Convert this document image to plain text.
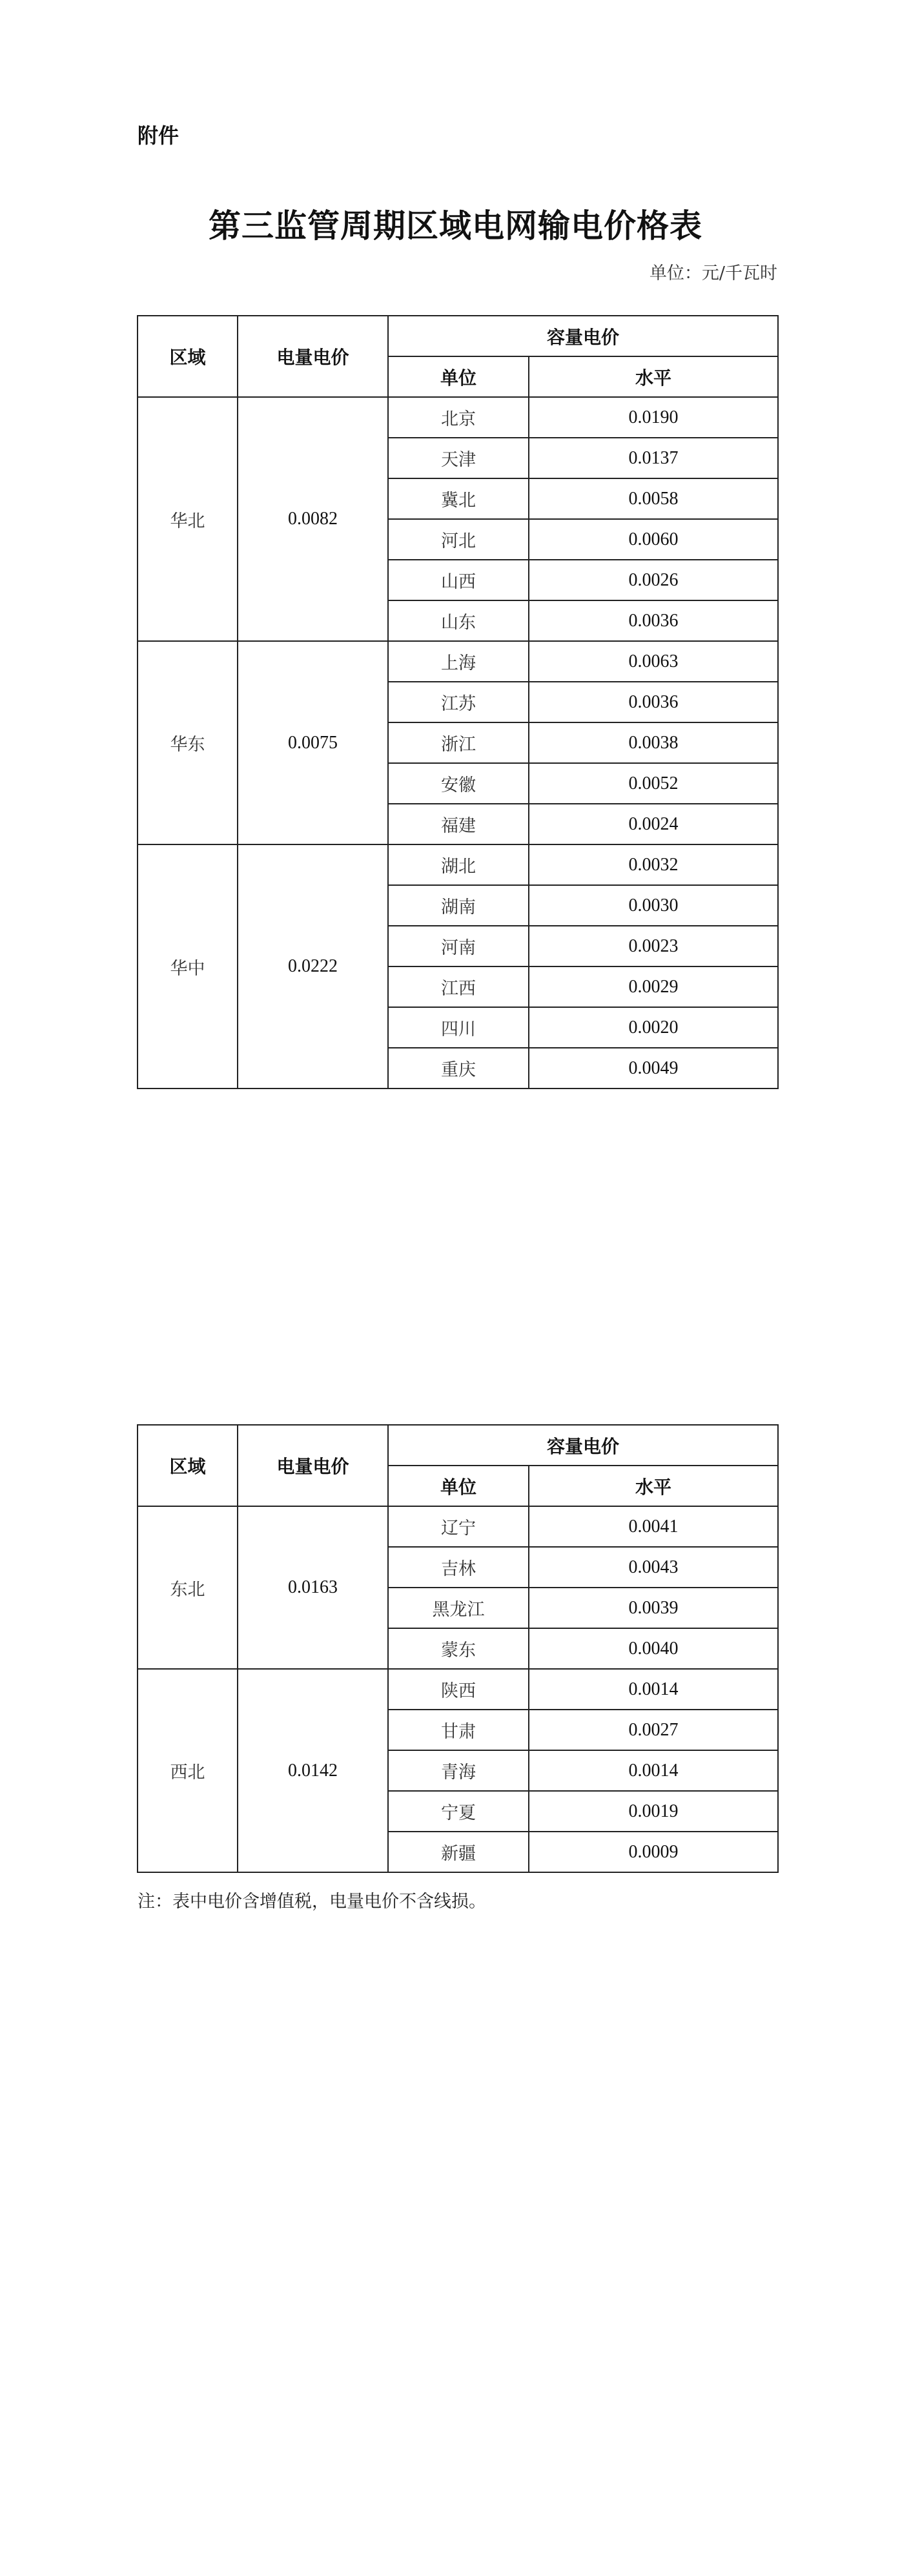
附件
第三监管周期区域电网输电价格表
单位：元/千瓦时
区域	电量电价	容量电价	
		单位	水平
华北	0.0082	北京	0.0190
		天津	0.0137
		冀北	0.0058
		河北	0.0060
		山西	0.0026
		山东	0.0036
华东	0.0075	上海	0.0063
		江苏	0.0036
		浙江	0.0038
		安徽	0.0052
		福建	0.0024
华中	0.0222	湖北	0.0032
		湖南	0.0030
		河南	0.0023
		江西	0.0029
		四川	0.0020
		重庆	0.0049
区域	电量电价	容量电价	
		单位	水平
东北	0.0163	辽宁	0.0041
		吉林	0.0043
		黑龙江	0.0039
		蒙东	0.0040
西北	0.0142	陕西	0.0014
		甘肃	0.0027
		青海	0.0014
		宁夏	0.0019
		新疆	0.0009
注：表中电价含增值税，电量电价不含线损。
